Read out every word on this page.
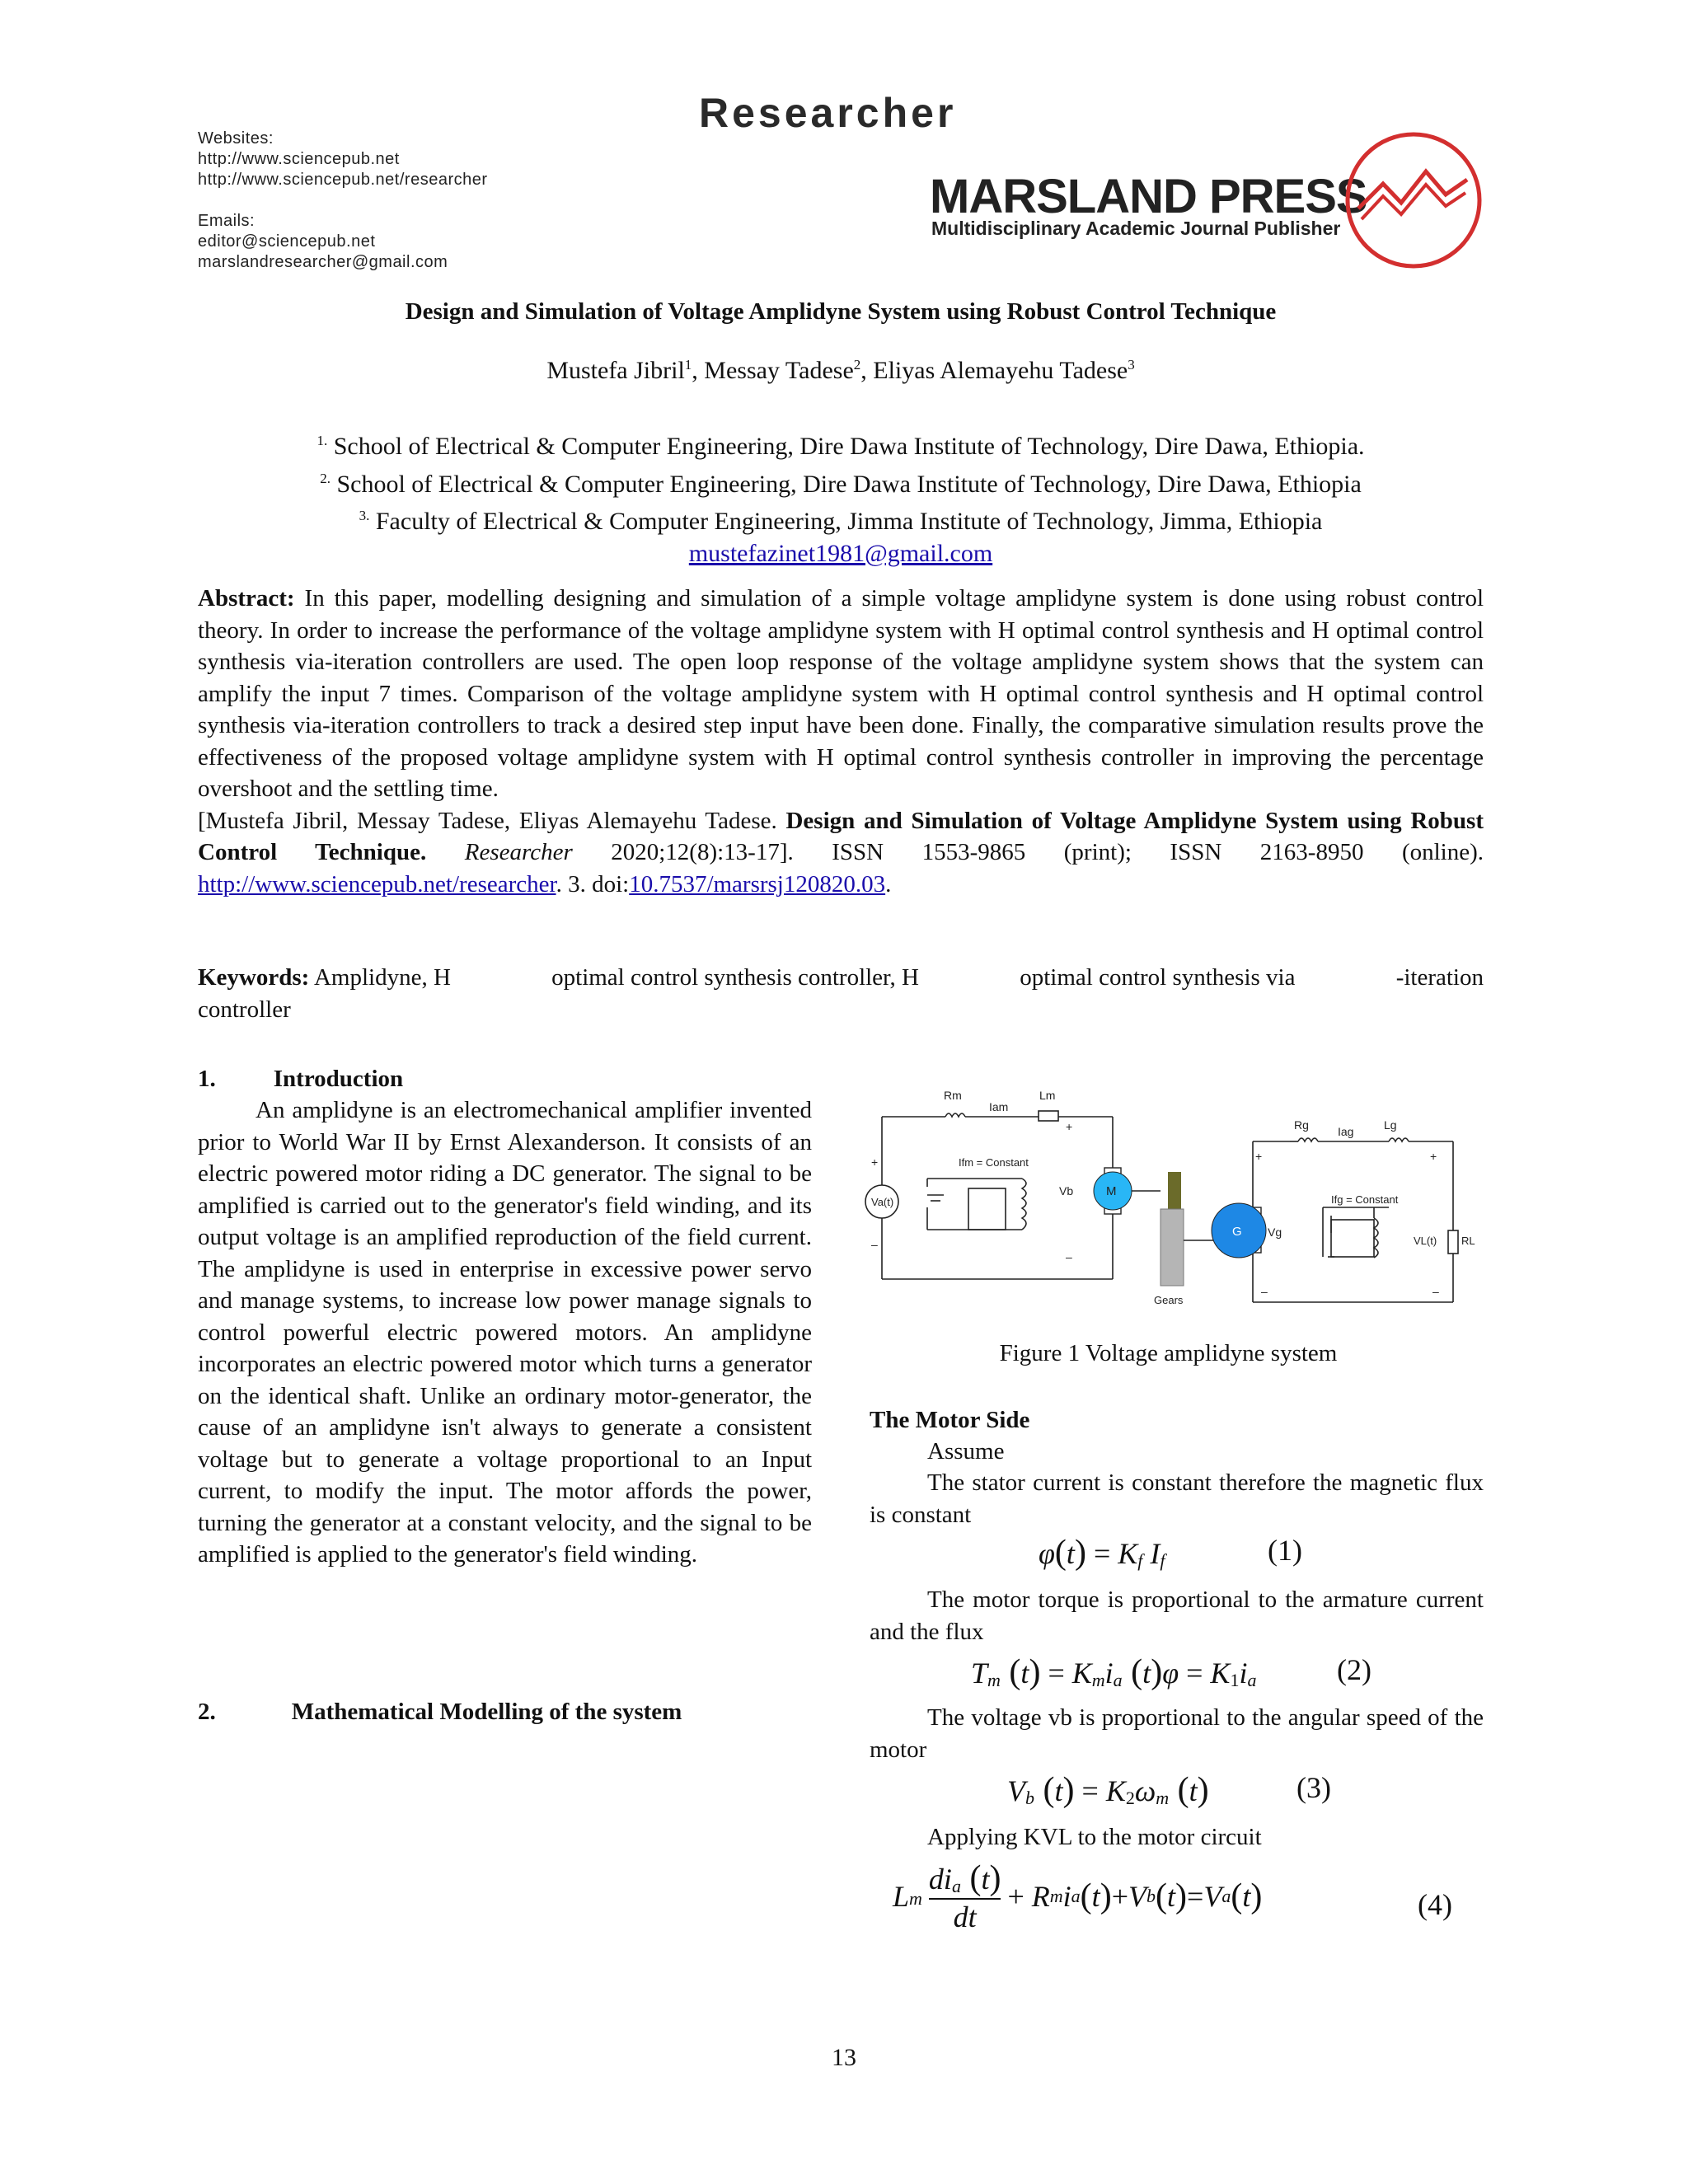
Websites:
http://www.sciencepub.net
http://www.sciencepub.net/researcher
Emails:
editor@sciencepub.net
marslandresearcher@gmail.com
Researcher
MARSLAND PRESS
Multidisciplinary Academic Journal Publisher
Design and Simulation of Voltage Amplidyne System using Robust Control Technique
Mustefa Jibril$^1$, Messay Tadese$^2$, Eliyas Alemayehu Tadese$^3$
$^{1.}$ School of Electrical & Computer Engineering, Dire Dawa Institute of Technology, Dire Dawa, Ethiopia.
$^{2.}$ School of Electrical & Computer Engineering, Dire Dawa Institute of Technology, Dire Dawa, Ethiopia
$^{3.}$ Faculty of Electrical & Computer Engineering, Jimma Institute of Technology, Jimma, Ethiopia
mustefazinet1981@gmail.com
Abstract: In this paper, modelling designing and simulation of a simple voltage amplidyne system is done using robust control theory. In order to increase the performance of the voltage amplidyne system with H optimal control synthesis and H optimal control synthesis via-iteration controllers are used. The open loop response of the voltage amplidyne system shows that the system can amplify the input 7 times. Comparison of the voltage amplidyne system with H optimal control synthesis and H optimal control synthesis via-iteration controllers to track a desired step input have been done. Finally, the comparative simulation results prove the effectiveness of the proposed voltage amplidyne system with H optimal control synthesis controller in improving the percentage overshoot and the settling time.
[Mustefa Jibril, Messay Tadese, Eliyas Alemayehu Tadese. Design and Simulation of Voltage Amplidyne System using Robust Control Technique. Researcher 2020;12(8):13-17]. ISSN 1553-9865 (print); ISSN 2163-8950 (online). http://www.sciencepub.net/researcher. 3. doi:10.7537/marsrsj120820.03.
Keywords: Amplidyne, H	optimal control synthesis controller, H	optimal control synthesis via	-iteration
controller
1. Introduction
An amplidyne is an electromechanical amplifier invented prior to World War II by Ernst Alexanderson. It consists of an electric powered motor riding a DC generator. The signal to be amplified is carried out to the generator's field winding, and its output voltage is an amplified reproduction of the field current. The amplidyne is used in enterprise in excessive power servo and manage systems, to increase low power manage signals to control powerful electric powered motors. An amplidyne incorporates an electric powered motor which turns a generator on the identical shaft. Unlike an ordinary motor-generator, the cause of an amplidyne isn't always to generate a consistent voltage but to generate a voltage proportional to an Input current, to modify the input. The motor affords the power, turning the generator at a constant velocity, and the signal to be amplified is applied to the generator's field winding.
2.	Mathematical Modelling of the system
Rm
Iam
Lm
Va(t)
+
–
Ifm = Constant
Vb
+
–
M
Gears
Rg	Iag	Lg
+	+
Ifg = Constant
G Vg
VL(t) RL
–	–
Figure 1 Voltage amplidyne system
The Motor Side
Assume
The stator current is constant therefore the magnetic flux is constant
$\varphi(t) = K_f$ $I_f$	(1)
The motor torque is proportional to the armature current and the flux
$T_m$ $(t) = K_mi_a$ $(t)\varphi = K_1i_a$	(2)
The voltage vb is proportional to the angular speed of the motor
$V_b$ $(t) = K_2\omega_m$ (t)	(3)
Applying KVL to the motor circuit
L m
$di_a$ (t)
dt
+ R m i a ( t ) + V b ( t ) = V a ( t )	(4)
13
